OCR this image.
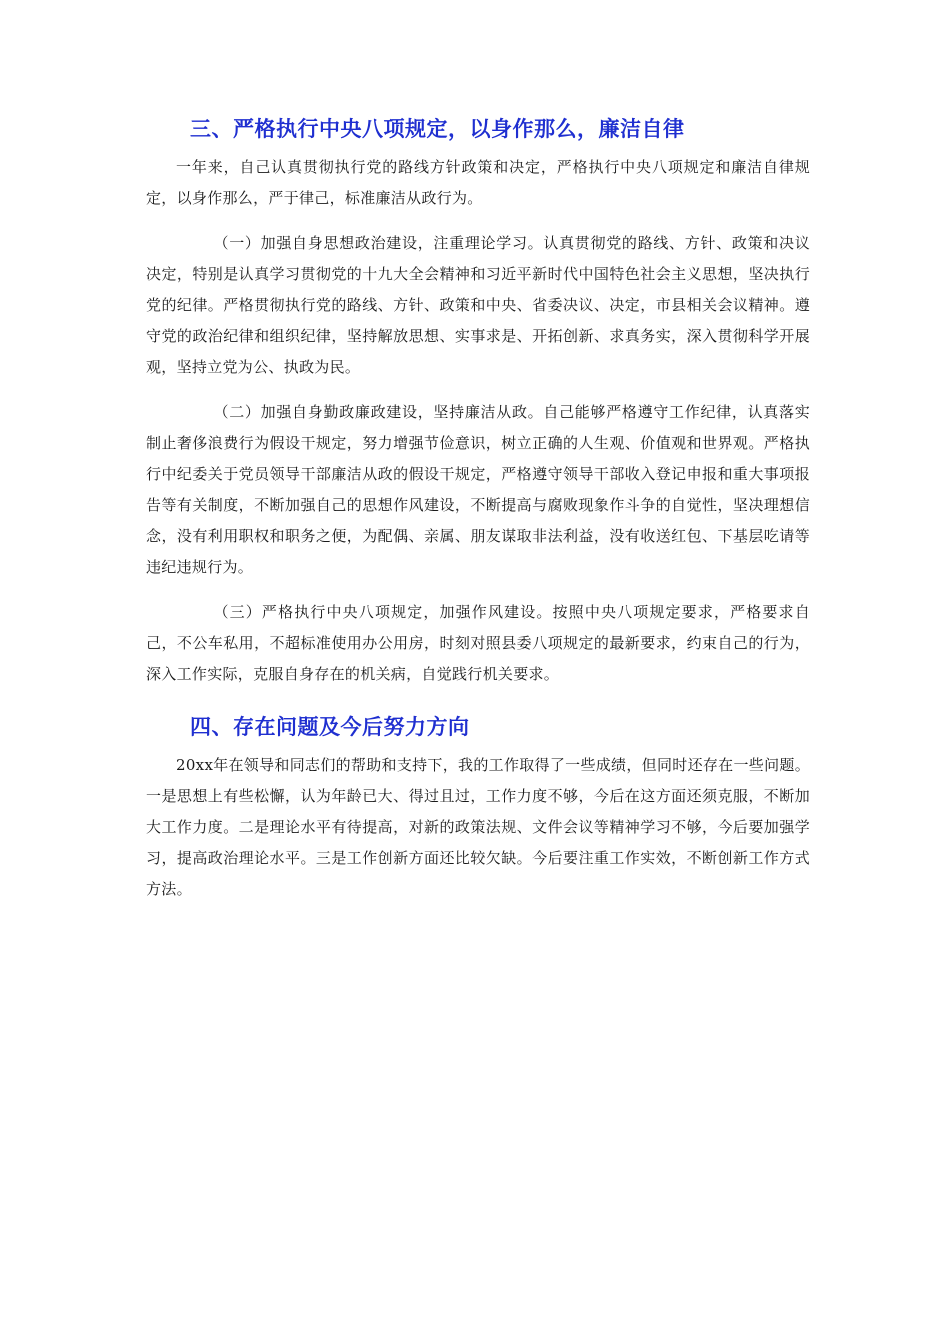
三、严格执行中央八项规定，以身作那么，廉洁自律

一年来，自己认真贯彻执行党的路线方针政策和决定，严格执行中央八项规定和廉洁自律规定，以身作那么，严于律己，标准廉洁从政行为。

（一）加强自身思想政治建设，注重理论学习。认真贯彻党的路线、方针、政策和决议决定，特别是认真学习贯彻党的十九大全会精神和习近平新时代中国特色社会主义思想，坚决执行党的纪律。严格贯彻执行党的路线、方针、政策和中央、省委决议、决定，市县相关会议精神。遵守党的政治纪律和组织纪律，坚持解放思想、实事求是、开拓创新、求真务实，深入贯彻科学开展观，坚持立党为公、执政为民。

（二）加强自身勤政廉政建设，坚持廉洁从政。自己能够严格遵守工作纪律，认真落实制止奢侈浪费行为假设干规定，努力增强节俭意识，树立正确的人生观、价值观和世界观。严格执行中纪委关于党员领导干部廉洁从政的假设干规定，严格遵守领导干部收入登记申报和重大事项报告等有关制度，不断加强自己的思想作风建设，不断提高与腐败现象作斗争的自觉性，坚决理想信念，没有利用职权和职务之便，为配偶、亲属、朋友谋取非法利益，没有收送红包、下基层吃请等违纪违规行为。

（三）严格执行中央八项规定，加强作风建设。按照中央八项规定要求，严格要求自己，不公车私用，不超标准使用办公用房，时刻对照县委八项规定的最新要求，约束自己的行为，深入工作实际，克服自身存在的机关病，自觉践行机关要求。

四、存在问题及今后努力方向

20xx年在领导和同志们的帮助和支持下，我的工作取得了一些成绩，但同时还存在一些问题。一是思想上有些松懈，认为年龄已大、得过且过，工作力度不够，今后在这方面还须克服，不断加大工作力度。二是理论水平有待提高，对新的政策法规、文件会议等精神学习不够，今后要加强学习，提高政治理论水平。三是工作创新方面还比较欠缺。今后要注重工作实效，不断创新工作方式方法。
